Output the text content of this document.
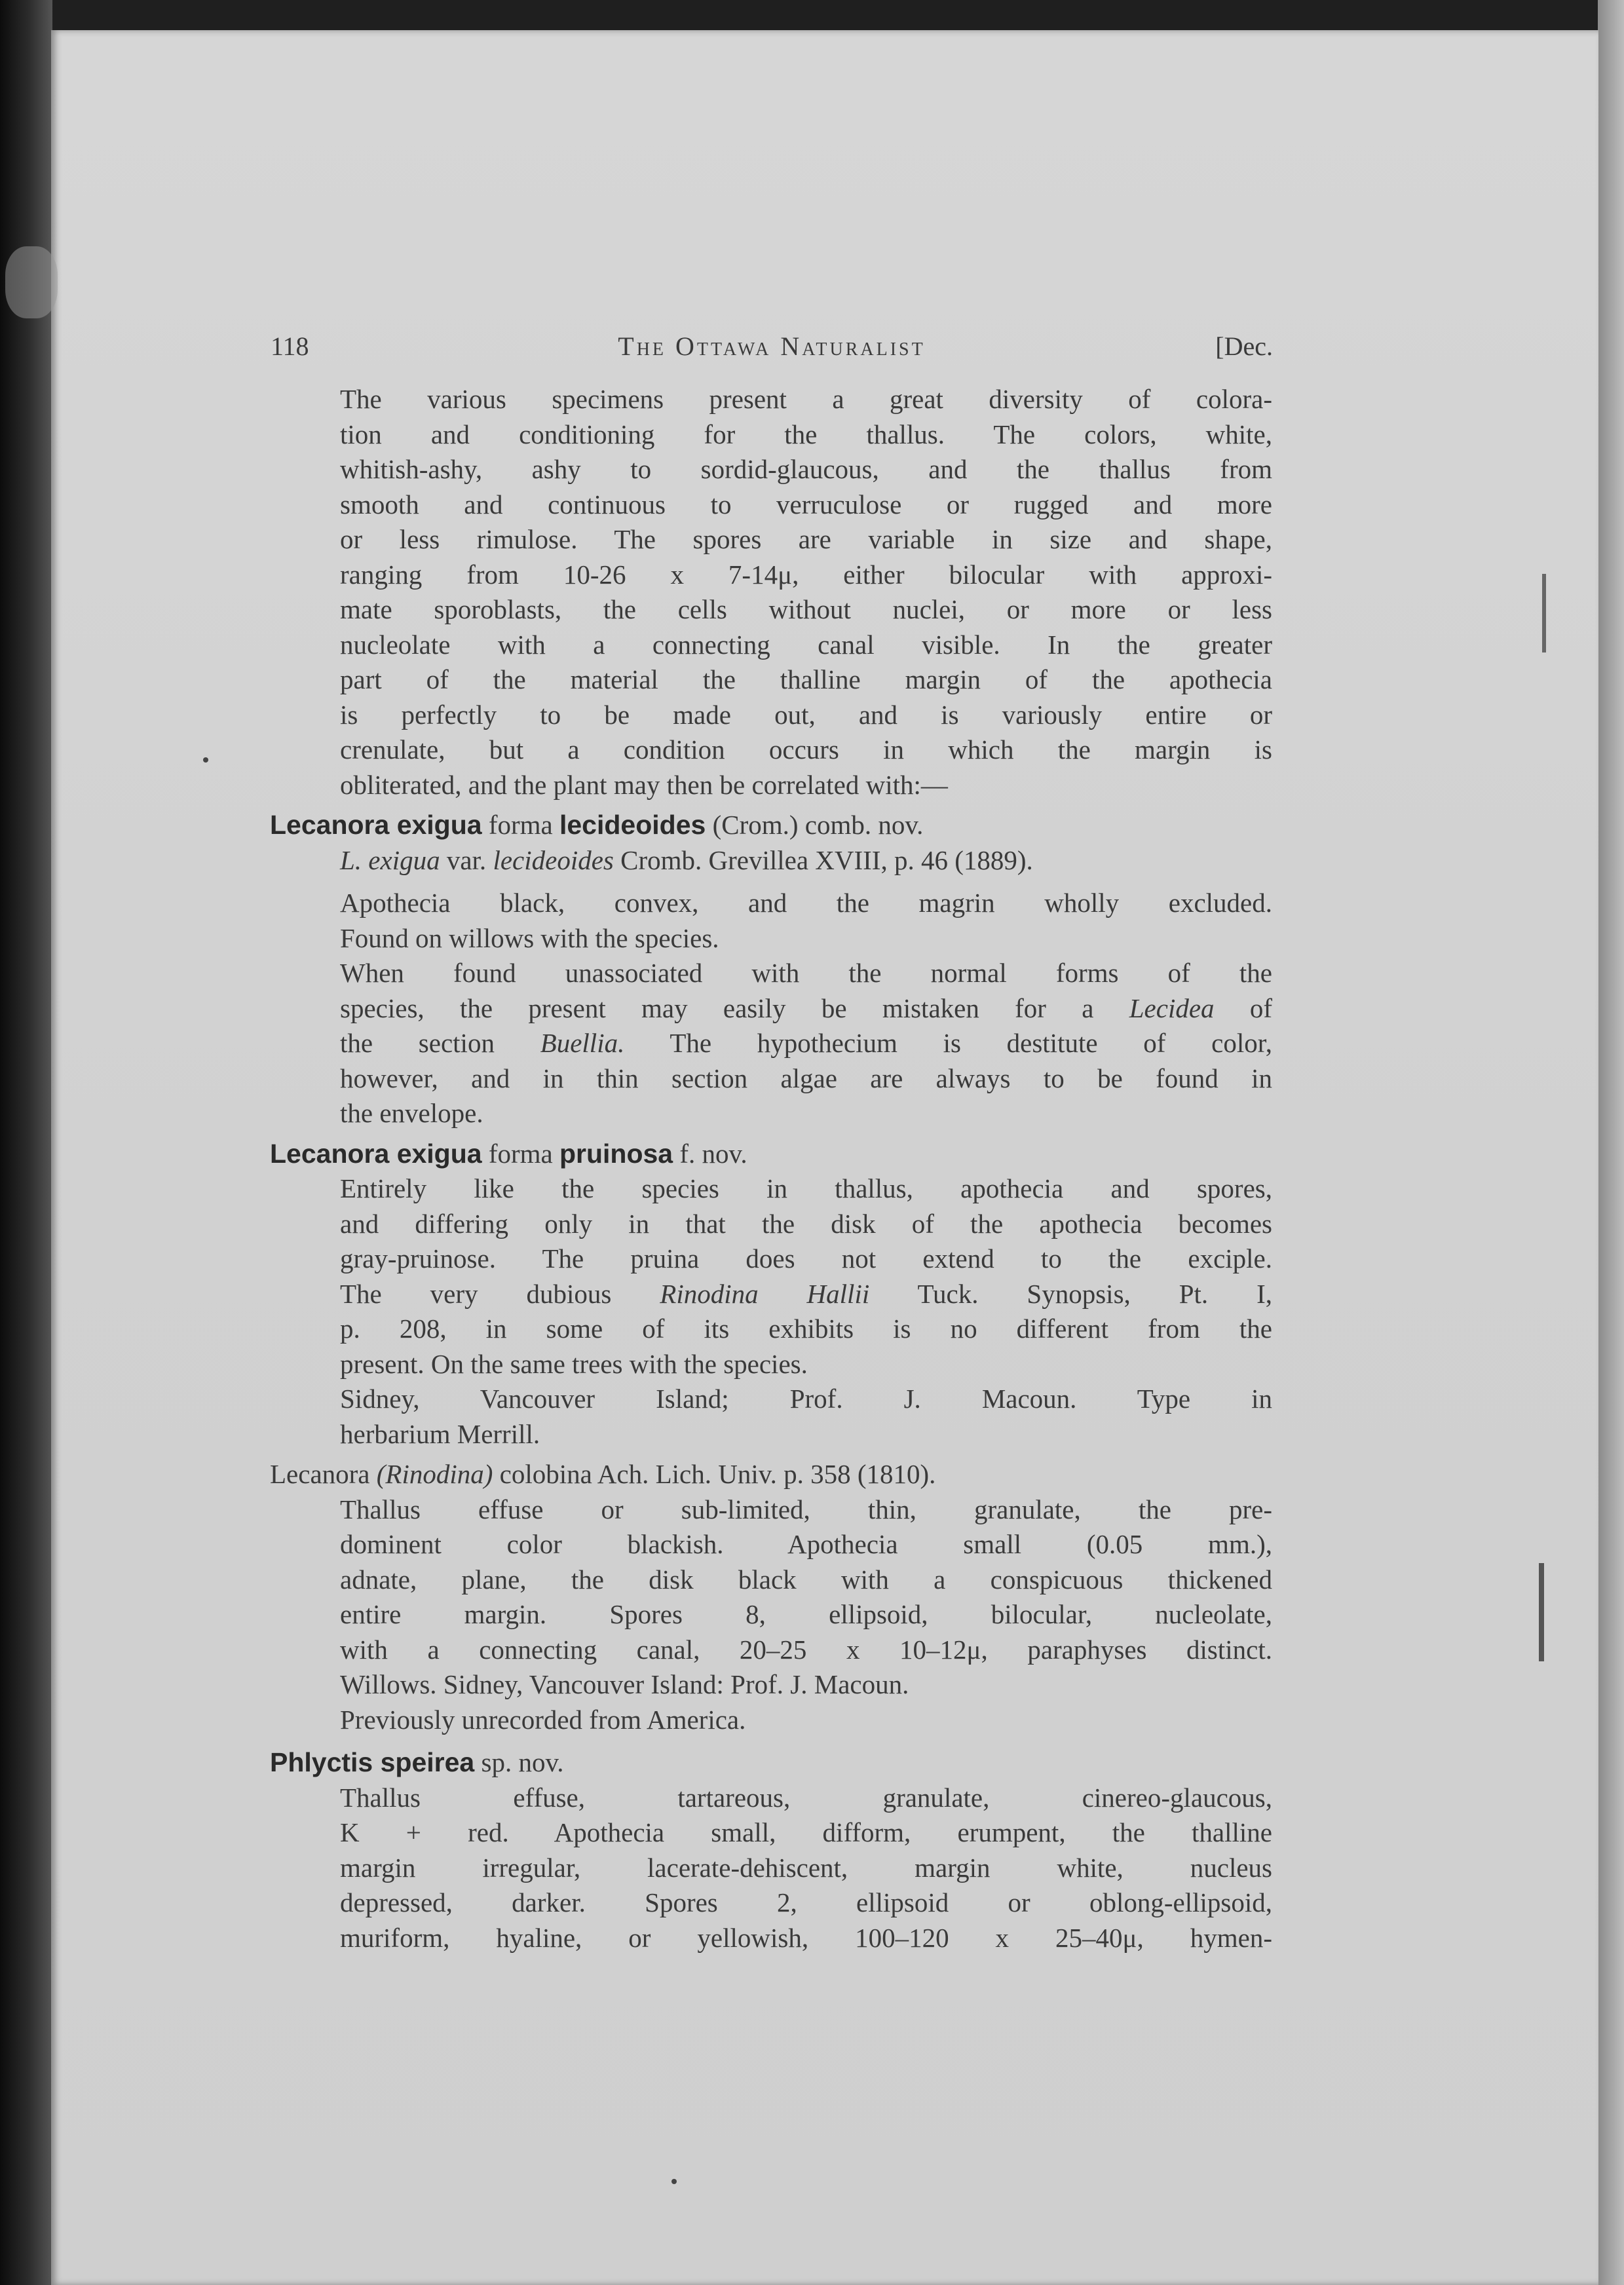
118	The Ottawa Naturalist	[Dec.

The various specimens present a great diversity of colora-

tion and conditioning for the thallus. The colors, white,

whitish-ashy, ashy to sordid-glaucous, and the thallus from

smooth and continuous to verruculose or rugged and more

or less rimulose. The spores are variable in size and shape,

ranging from 10-26 x 7-14μ, either bilocular with approxi-

mate sporoblasts, the cells without nuclei, or more or less

nucleolate with a connecting canal visible. In the greater

part of the material the thalline margin of the apothecia

is perfectly to be made out, and is variously entire or

crenulate, but a condition occurs in which the margin is

obliterated, and the plant may then be correlated with:—

Lecanora exigua forma lecideoides (Crom.) comb. nov.

L. exigua var. lecideoides Cromb. Grevillea XVIII, p. 46 (1889).

Apothecia black, convex, and the magrin wholly excluded.

Found on willows with the species.

When found unassociated with the normal forms of the

species, the present may easily be mistaken for a Lecidea of

the section Buellia. The hypothecium is destitute of color,

however, and in thin section algae are always to be found in

the envelope.

Lecanora exigua forma pruinosa f. nov.

Entirely like the species in thallus, apothecia and spores,

and differing only in that the disk of the apothecia becomes

gray-pruinose. The pruina does not extend to the exciple.

The very dubious Rinodina Hallii Tuck. Synopsis, Pt. I,

p. 208, in some of its exhibits is no different from the

present. On the same trees with the species.

Sidney, Vancouver Island; Prof. J. Macoun. Type in

herbarium Merrill.

Lecanora (Rinodina) colobina Ach. Lich. Univ. p. 358 (1810).

Thallus effuse or sub-limited, thin, granulate, the pre-

dominent color blackish. Apothecia small (0.05 mm.),

adnate, plane, the disk black with a conspicuous thickened

entire margin. Spores 8, ellipsoid, bilocular, nucleolate,

with a connecting canal, 20–25 x 10–12μ, paraphyses distinct.

Willows. Sidney, Vancouver Island: Prof. J. Macoun.

Previously unrecorded from America.

Phlyctis speirea sp. nov.

Thallus effuse, tartareous, granulate, cinereo-glaucous,

K + red. Apothecia small, difform, erumpent, the thalline

margin irregular, lacerate-dehiscent, margin white, nucleus

depressed, darker. Spores 2, ellipsoid or oblong-ellipsoid,

muriform, hyaline, or yellowish, 100–120 x 25–40μ, hymen-
